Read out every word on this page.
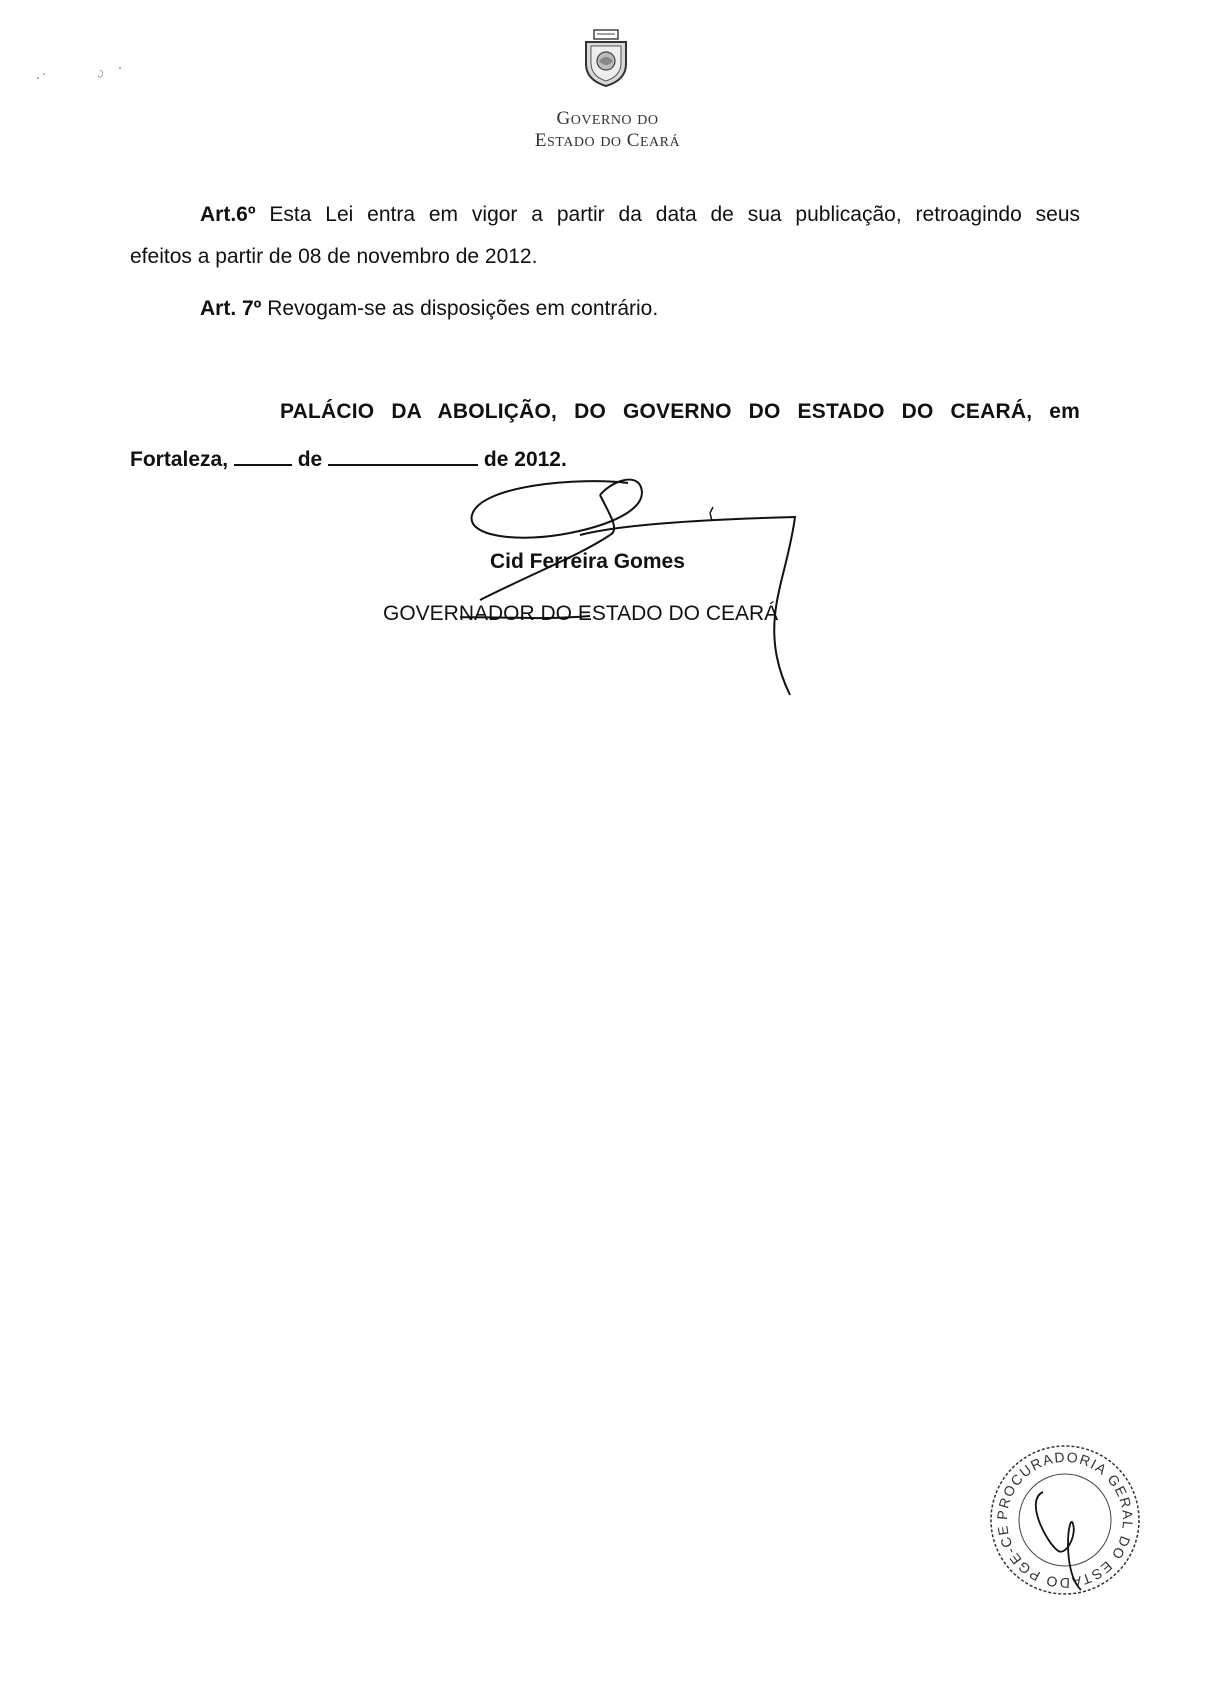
GOVERNO DO
ESTADO DO CEARÁ
Art.6º Esta Lei entra em vigor a partir da data de sua publicação, retroagindo seus
efeitos a partir de 08 de novembro de 2012.
Art. 7º Revogam-se as disposições em contrário.
PALÁCIO DA ABOLIÇÃO, DO GOVERNO DO ESTADO DO CEARÁ, em
Fortaleza,	de	de 2012.
Cid Ferreira Gomes
GOVERNADOR DO ESTADO DO CEARÁ
PROCURADORIA GERAL DO ESTADO PGE-CE
